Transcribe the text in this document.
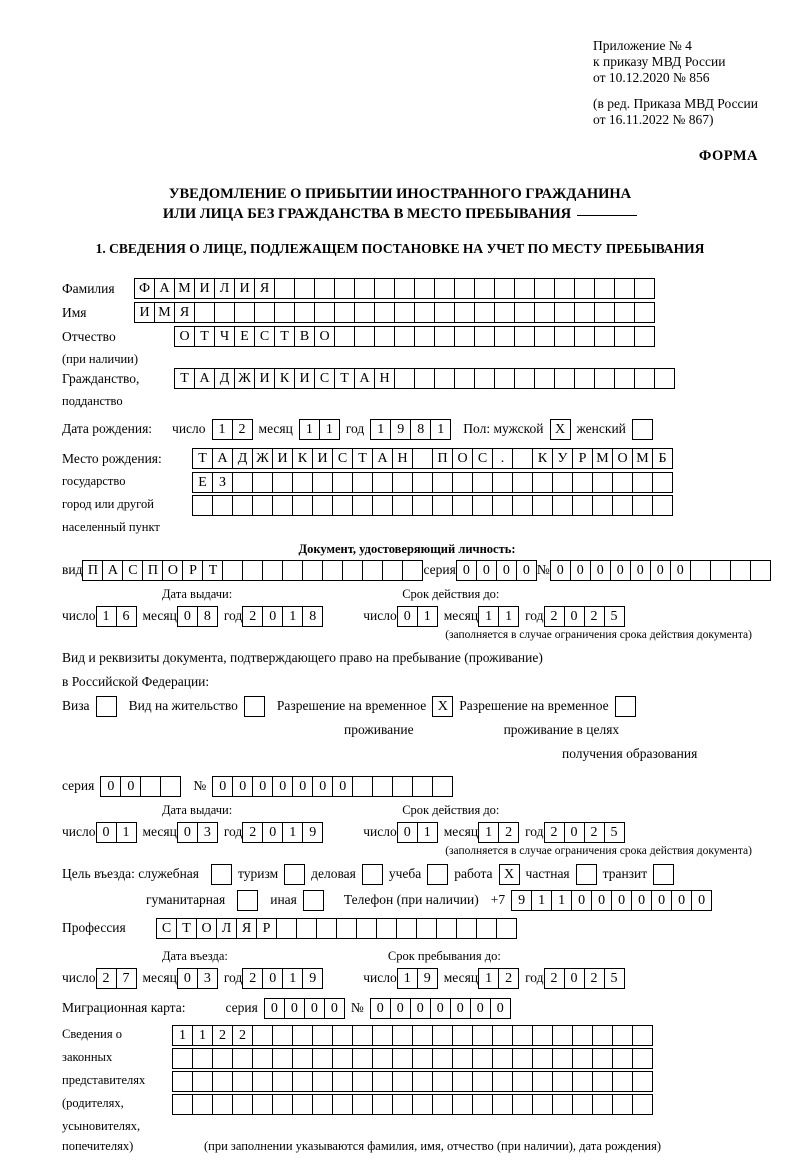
Приложение № 4
к приказу МВД России
от 10.12.2020 № 856
(в ред. Приказа МВД России
от 16.11.2022 № 867)
ФОРМА
УВЕДОМЛЕНИЕ О ПРИБЫТИИ ИНОСТРАННОГО ГРАЖДАНИНА
ИЛИ ЛИЦА БЕЗ ГРАЖДАНСТВА В МЕСТО ПРЕБЫВАНИЯ
1. СВЕДЕНИЯ О ЛИЦЕ, ПОДЛЕЖАЩЕМ ПОСТАНОВКЕ НА УЧЕТ ПО МЕСТУ ПРЕБЫВАНИЯ
Фамилия	Ф А М И Л И Я
Имя	И М Я
Отчество	О Т Ч Е С Т В О
(при наличии)
Гражданство,	Т А Д Ж И К И С Т А Н
подданство
Дата рождения: число 1 2 месяц 1 1 год 1 9 8 1	Пол: мужской X женский
Место рождения:	Т А Д Ж И К И С Т А Н	П О С .	К У Р М О М Б
государство	Е З
город или другой
населенный пункт
Документ, удостоверяющий личность:
вид П А С П О Р Т	серия 0 0 0 0 № 0 0 0 0 0 0 0
Дата выдачи:	Срок действия до:
число 1 6 месяц 0 8 год 2 0 1 8	число 0 1 месяц 1 1 год 2 0 2 5
(заполняется в случае ограничения срока действия документа)
Вид и реквизиты документа, подтверждающего право на пребывание (проживание)
в Российской Федерации:
Виза	Вид на жительство	Разрешение на временное X Разрешение на временное
проживание	проживание в целях
получения образования
серия 0 0	№ 0 0 0 0 0 0 0
Дата выдачи:	Срок действия до:
число 0 1 месяц 0 3 год 2 0 1 9	число 0 1 месяц 1 2 год 2 0 2 5
(заполняется в случае ограничения срока действия документа)
Цель въезда: служебная	туризм деловая учеба работа X частная транзит
гуманитарная	иная	Телефон (при наличии) +7 9 1 1 0 0 0 0 0 0 0
Профессия	С Т О Л Я Р
Дата въезда:	Срок пребывания до:
число 2 7 месяц 0 3 год 2 0 1 9	число 1 9 месяц 1 2 год 2 0 2 5
Миграционная карта:	серия 0 0 0 0 № 0 0 0 0 0 0 0
Сведения о	1 1 2 2
законных
представителях
(родителях,
усыновителях,
попечителях)	(при заполнении указываются фамилия, имя, отчество (при наличии), дата рождения)
